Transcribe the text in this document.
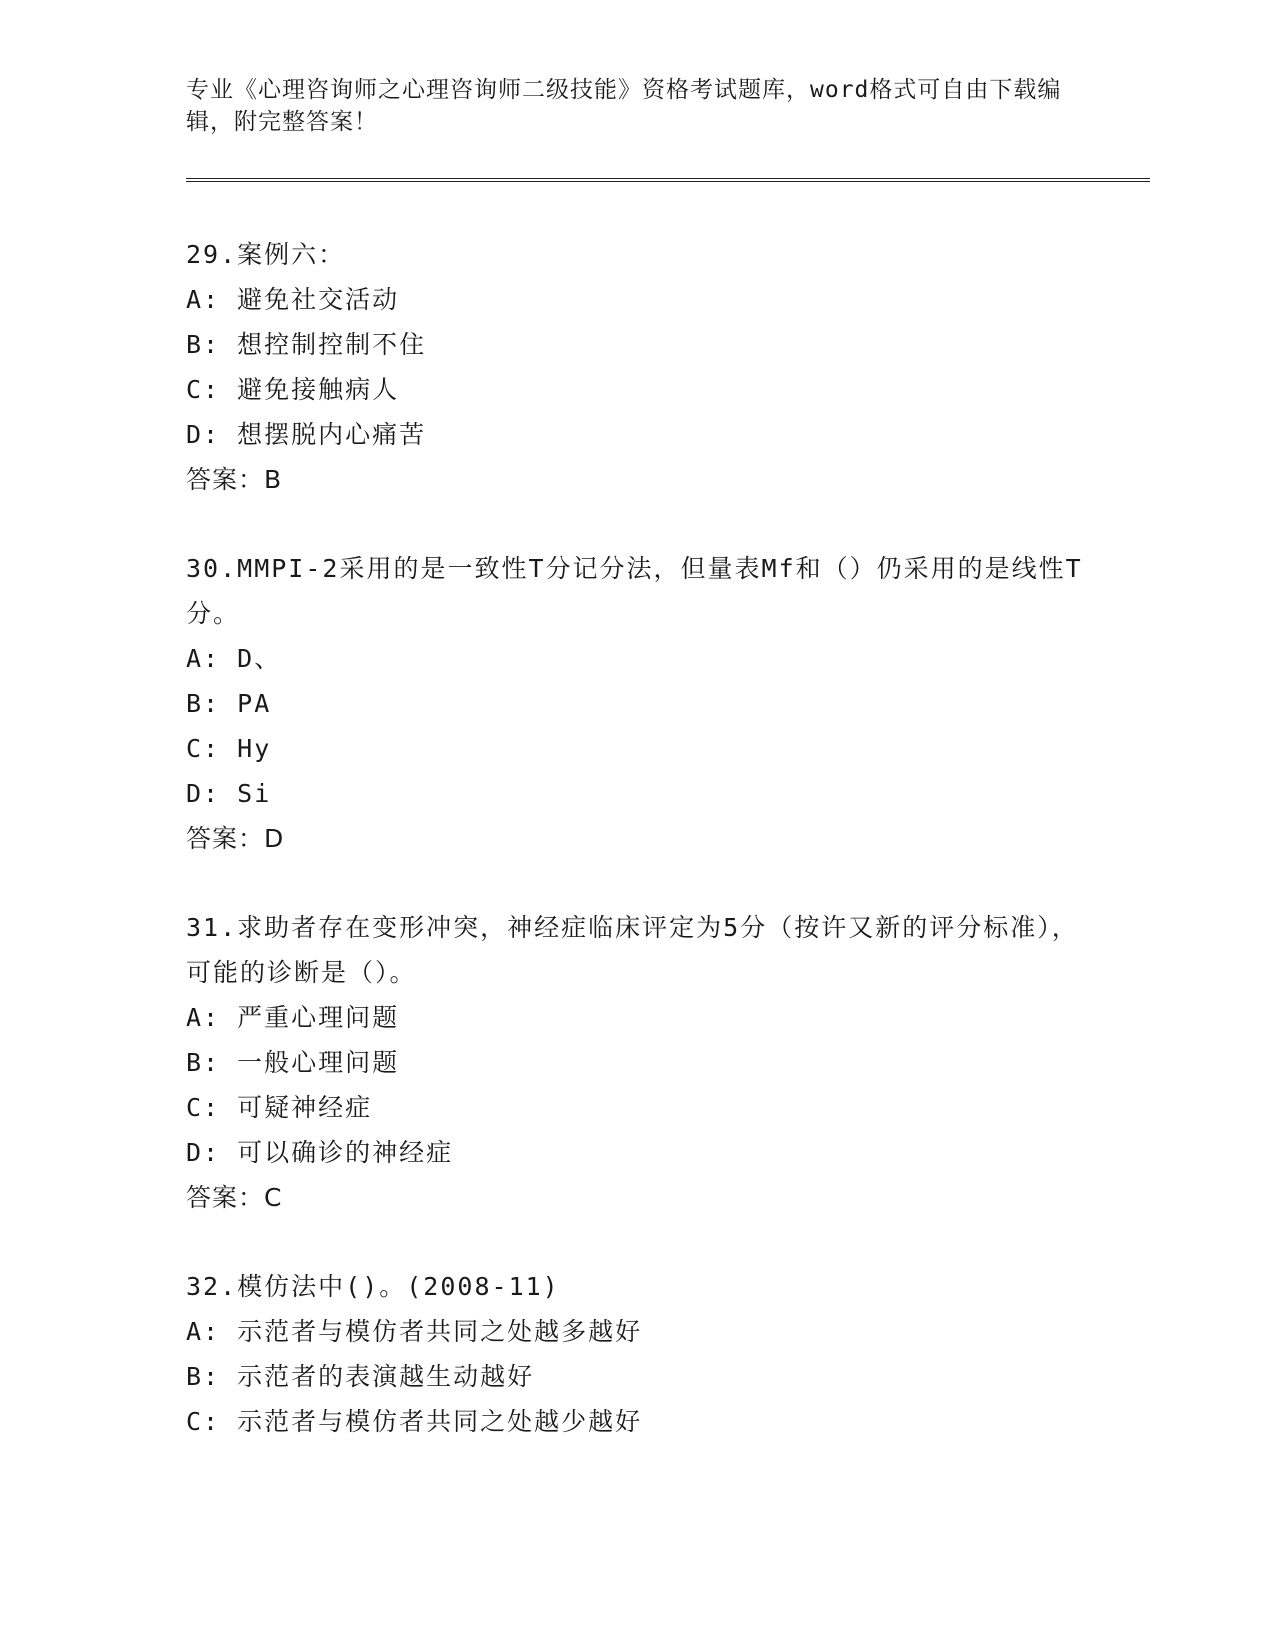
专业《心理咨询师之心理咨询师二级技能》资格考试题库，word格式可自由下载编辑，附完整答案！
29.案例六：
A: 避免社交活动
B: 想控制控制不住
C: 避免接触病人
D: 想摆脱内心痛苦
答案：B
30.MMPI-2采用的是一致性T分记分法，但量表Mf和（）仍采用的是线性T分。
A: D、
B: PA
C: Hy
D: Si
答案：D
31.求助者存在变形冲突，神经症临床评定为5分（按许又新的评分标准），可能的诊断是（）。
A: 严重心理问题
B: 一般心理问题
C: 可疑神经症
D: 可以确诊的神经症
答案：C
32.模仿法中()。(2008-11)
A: 示范者与模仿者共同之处越多越好
B: 示范者的表演越生动越好
C: 示范者与模仿者共同之处越少越好
